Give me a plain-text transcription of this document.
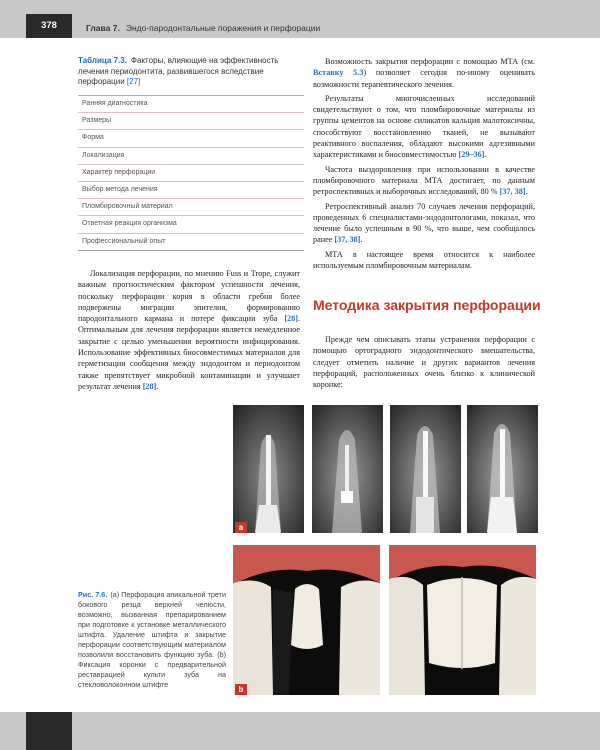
378	Глава 7. Эндо-пародонтальные поражения и перфорации
Таблица 7.3. Факторы, влияющие на эффективность лечения периодонтита, развившегося вследствие перфорации [27]
Ранняя диагностика
Размеры
Форма
Локализация
Характер перфорации
Выбор метода лечения
Пломбировочный материал
Ответная реакция организма
Профессиональный опыт

Локализация перфорации, по мнению Fuss и Trope, служит важным прогностическим фактором успешности лечения, поскольку перфорации корня в области гребня более подвержены миграции эпителия, формированию пародонтального кармана и потере фиксации зуба [28]. Оптимальным для лечения перфорации является немедленное закрытие с целью уменьшения вероятности инфицирования. Использование эффективных биосовместимых материалов для герметизации сообщения между эндодонтом и периодонтом также препятствует микробной контаминации и улучшает результат лечения [28].

Возможность закрытия перфорации с помощью МТА (см. Вставку 5.3) позволяет сегодня по-иному оценивать возможности терапевтического лечения.

Результаты многочисленных исследований свидетельствуют о том, что пломбировочные материалы из группы цементов на основе силикатов кальция малотоксичны, способствуют восстановлению тканей, не вызывают реактивного воспаления, обладают высокими адгезивными характеристиками и биосовместимостью [29–36].

Частота выздоровления при использовании в качестве пломбировочного материала МТА достигает, по данным ретроспективных и выборочных исследований, 80 % [37, 38].

Ретроспективный анализ 70 случаев лечения перфораций, проведенных 6 специалистами-эндодонтологами, показал, что лечение было успешным в 90 %, что выше, чем сообщалось ранее [37, 38].

МТА в настоящее время относится к наиболее используемым пломбировочным материалам.

Методика закрытия перфорации

Прежде чем описывать этапы устранения перфорации с помощью ортоградного эндодонтического вмешательства, следует отметить наличие и других вариантов лечения перфораций, расположенных очень близко к клинической коронке:

a
b
Рис. 7.6. (a) Перфорация апикальной трети бокового резца верхней челюсти, возможно, вызванная препарированием при подготовке к установке металлического штифта. Удаление штифта и закрытие перфорации соответствующим материалом позволили восстановить функцию зуба. (b) Фиксация коронки с предварительной реставрацией культи зуба на стекловолоконном штифте
